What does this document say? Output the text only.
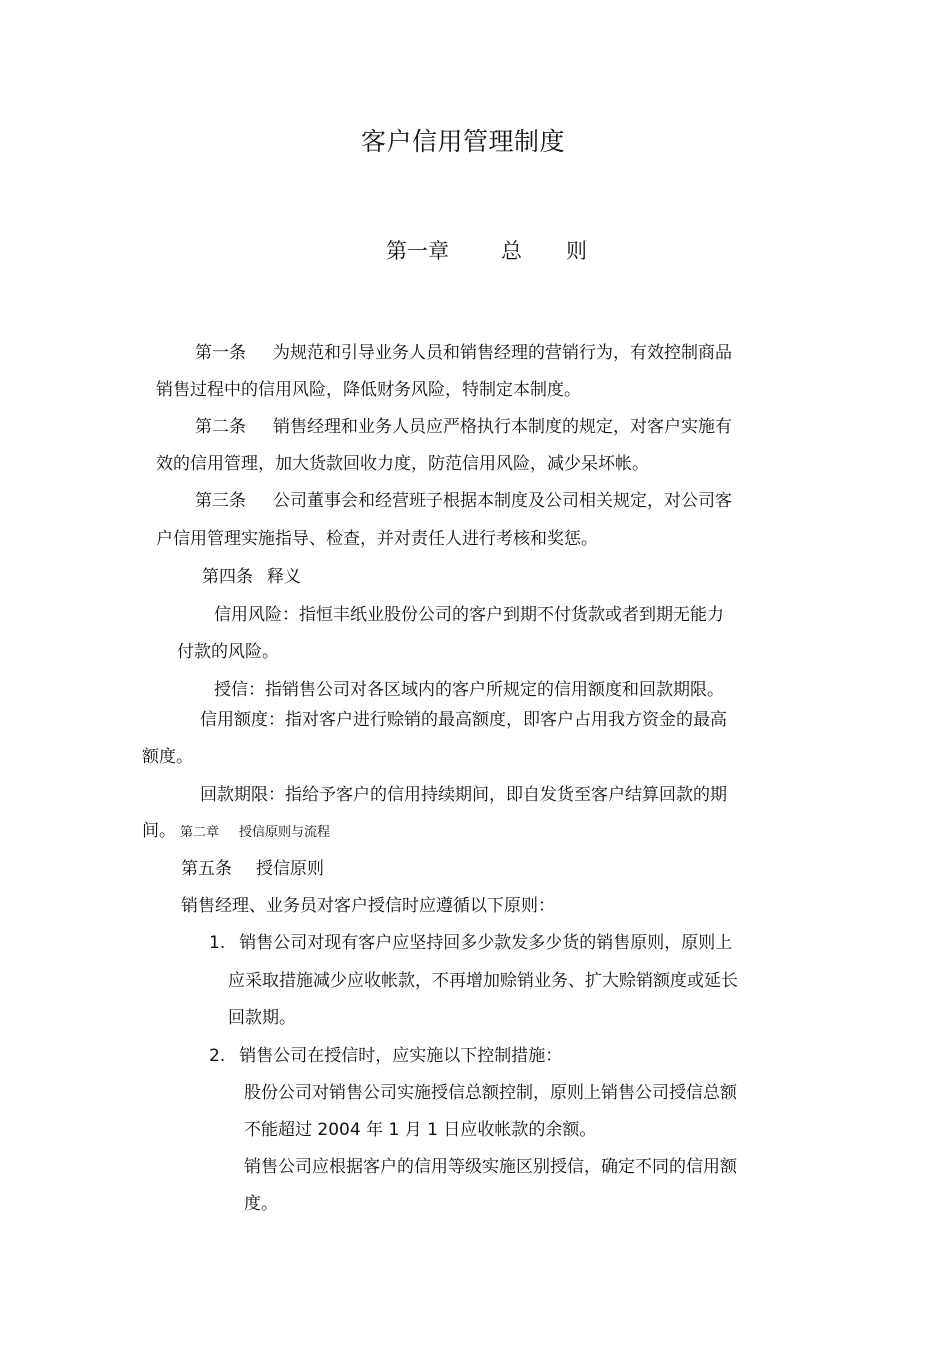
客户信用管理制度
第一章 总 则
第一条 为规范和引导业务人员和销售经理的营销行为，有效控制商品
销售过程中的信用风险，降低财务风险，特制定本制度。
第二条 销售经理和业务人员应严格执行本制度的规定，对客户实施有
效的信用管理，加大货款回收力度，防范信用风险，减少呆坏帐。
第三条 公司董事会和经营班子根据本制度及公司相关规定，对公司客
户信用管理实施指导、检查，并对责任人进行考核和奖惩。
第四条 释义
信用风险：指恒丰纸业股份公司的客户到期不付货款或者到期无能力
付款的风险。
授信：指销售公司对各区域内的客户所规定的信用额度和回款期限。
信用额度：指对客户进行赊销的最高额度，即客户占用我方资金的最高
额度。
回款期限：指给予客户的信用持续期间，即自发货至客户结算回款的期
间。 第二章 授信原则与流程
第五条 授信原则
销售经理、业务员对客户授信时应遵循以下原则：
1. 销售公司对现有客户应坚持回多少款发多少货的销售原则，原则上
应采取措施减少应收帐款，不再增加赊销业务、扩大赊销额度或延长
回款期。
2. 销售公司在授信时，应实施以下控制措施：
股份公司对销售公司实施授信总额控制，原则上销售公司授信总额
不能超过 2004 年 1 月 1 日应收帐款的余额。
销售公司应根据客户的信用等级实施区别授信，确定不同的信用额
度。
